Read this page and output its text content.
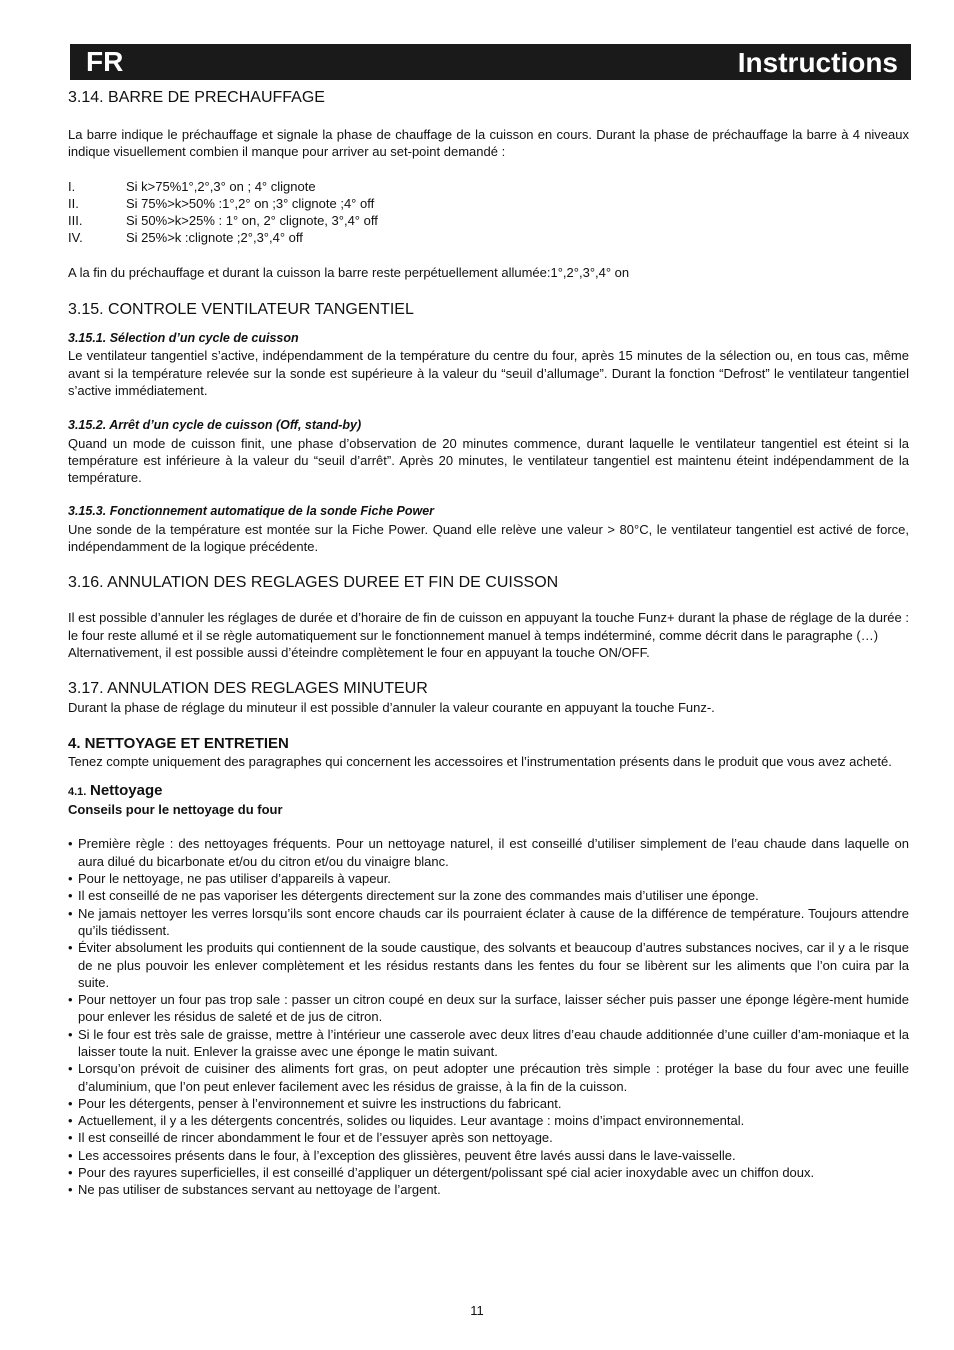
FR	Instructions

3.14. BARRE DE PRECHAUFFAGE

La barre indique le préchauffage et signale la phase de chauffage de la cuisson en cours. Durant la phase de préchauffage la barre à 4 niveaux indique visuellement combien il manque pour arriver au set-point demandé :

I.	Si k>75%1°,2°,3° on ; 4° clignote
II.	Si 75%>k>50% :1°,2° on ;3° clignote ;4° off
III.	Si 50%>k>25% : 1° on, 2° clignote, 3°,4° off
IV.	Si 25%>k :clignote ;2°,3°,4° off

A la fin du préchauffage et durant la cuisson la barre reste perpétuellement allumée:1°,2°,3°,4° on

3.15. CONTROLE VENTILATEUR TANGENTIEL

3.15.1. Sélection d’un cycle de cuisson

Le ventilateur tangentiel s’active, indépendamment de la température du centre du four, après 15 minutes de la sélection ou, en tous cas, même avant si la température relevée sur la sonde est supérieure à la valeur du “seuil d’allumage”. Durant la fonction “Defrost” le ventilateur tangentiel s’active immédiatement.

3.15.2. Arrêt d’un cycle de cuisson (Off, stand-by)

Quand un mode de cuisson finit, une phase d’observation de 20 minutes commence, durant laquelle le ventilateur tangentiel est éteint si la température est inférieure à la valeur du “seuil d’arrêt”. Après 20 minutes, le ventilateur tangentiel est maintenu éteint indépendamment de la température.

3.15.3. Fonctionnement automatique de la sonde Fiche Power

Une sonde de la température est montée sur la Fiche Power. Quand elle relève une valeur > 80°C, le ventilateur tangentiel est activé de force, indépendamment de la logique précédente.

3.16. ANNULATION DES REGLAGES DUREE ET FIN DE CUISSON

Il est possible d’annuler les réglages de durée et d’horaire de fin de cuisson en appuyant la touche Funz+ durant la phase de réglage de la durée : le four reste allumé et il se règle automatiquement sur le fonctionnement manuel à temps indéterminé, comme décrit dans le paragraphe (…)

Alternativement, il est possible aussi d’éteindre complètement le four en appuyant la touche ON/OFF.

3.17. ANNULATION DES REGLAGES MINUTEUR

Durant la phase de réglage du minuteur il est possible d’annuler la valeur courante en appuyant la touche Funz-.

4. NETTOYAGE ET ENTRETIEN

Tenez compte uniquement des paragraphes qui concernent les accessoires et l’instrumentation présents dans le produit que vous avez acheté.

4.1. Nettoyage

Conseils pour le nettoyage du four

• Première règle : des nettoyages fréquents. Pour un nettoyage naturel, il est conseillé d’utiliser simplement de l’eau chaude dans laquelle on aura dilué du bicarbonate et/ou du citron et/ou du vinaigre blanc.
• Pour le nettoyage, ne pas utiliser d’appareils à vapeur.
• Il est conseillé de ne pas vaporiser les détergents directement sur la zone des commandes mais d’utiliser une éponge.
• Ne jamais nettoyer les verres lorsqu’ils sont encore chauds car ils pourraient éclater à cause de la différence de température. Toujours attendre qu’ils tiédissent.
• Éviter absolument les produits qui contiennent de la soude caustique, des solvants et beaucoup d’autres substances nocives, car il y a le risque de ne plus pouvoir les enlever complètement et les résidus restants dans les fentes du four se libèrent sur les aliments que l’on cuira par la suite.
• Pour nettoyer un four pas trop sale : passer un citron coupé en deux sur la surface, laisser sécher puis passer une éponge légère-ment humide pour enlever les résidus de saleté et de jus de citron.
• Si le four est très sale de graisse, mettre à l’intérieur une casserole avec deux litres d’eau chaude additionnée d’une cuiller d’am-moniaque et la laisser toute la nuit. Enlever la graisse avec une éponge le matin suivant.
• Lorsqu’on prévoit de cuisiner des aliments fort gras, on peut adopter une précaution très simple : protéger la base du four avec une feuille d’aluminium, que l’on peut enlever facilement avec les résidus de graisse, à la fin de la cuisson.
• Pour les détergents, penser à l’environnement et suivre les instructions du fabricant.
• Actuellement, il y a les détergents concentrés, solides ou liquides. Leur avantage : moins d’impact environnemental.
• Il est conseillé de rincer abondamment le four et de l’essuyer après son nettoyage.
• Les accessoires présents dans le four, à l’exception des glissières, peuvent être lavés aussi dans le lave-vaisselle.
• Pour des rayures superficielles, il est conseillé d’appliquer un détergent/polissant spé cial acier inoxydable avec un chiffon doux.
• Ne pas utiliser de substances servant au nettoyage de l’argent.
11
